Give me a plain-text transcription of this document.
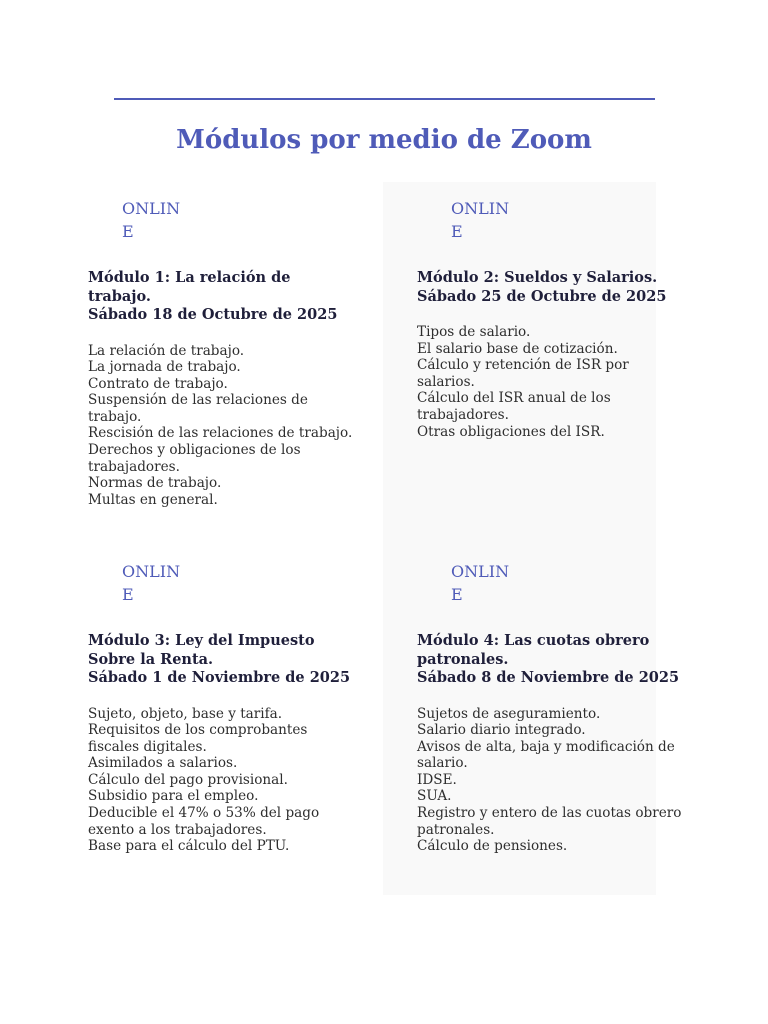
Módulos por medio de Zoom
ONLINE
Módulo 1: La relación de trabajo.
Sábado 18 de Octubre de 2025
La relación de trabajo.
La jornada de trabajo.
Contrato de trabajo.
Suspensión de las relaciones de trabajo.
Rescisión de las relaciones de trabajo.
Derechos y obligaciones de los trabajadores.
Normas de trabajo.
Multas en general.
ONLINE
Módulo 2: Sueldos y Salarios.
Sábado 25 de Octubre de 2025
Tipos de salario.
El salario base de cotización.
Cálculo y retención de ISR por salarios.
Cálculo del ISR anual de los trabajadores.
Otras obligaciones del ISR.
ONLINE
Módulo 3: Ley del Impuesto Sobre la Renta.
Sábado 1 de Noviembre de 2025
Sujeto, objeto, base y tarifa.
Requisitos de los comprobantes fiscales digitales.
Asimilados a salarios.
Cálculo del pago provisional.
Subsidio para el empleo.
Deducible el 47% o 53% del pago exento a los trabajadores.
Base para el cálculo del PTU.
ONLINE
Módulo 4: Las cuotas obrero patronales.
Sábado 8 de Noviembre de 2025
Sujetos de aseguramiento.
Salario diario integrado.
Avisos de alta, baja y modificación de salario.
IDSE.
SUA.
Registro y entero de las cuotas obrero patronales.
Cálculo de pensiones.
